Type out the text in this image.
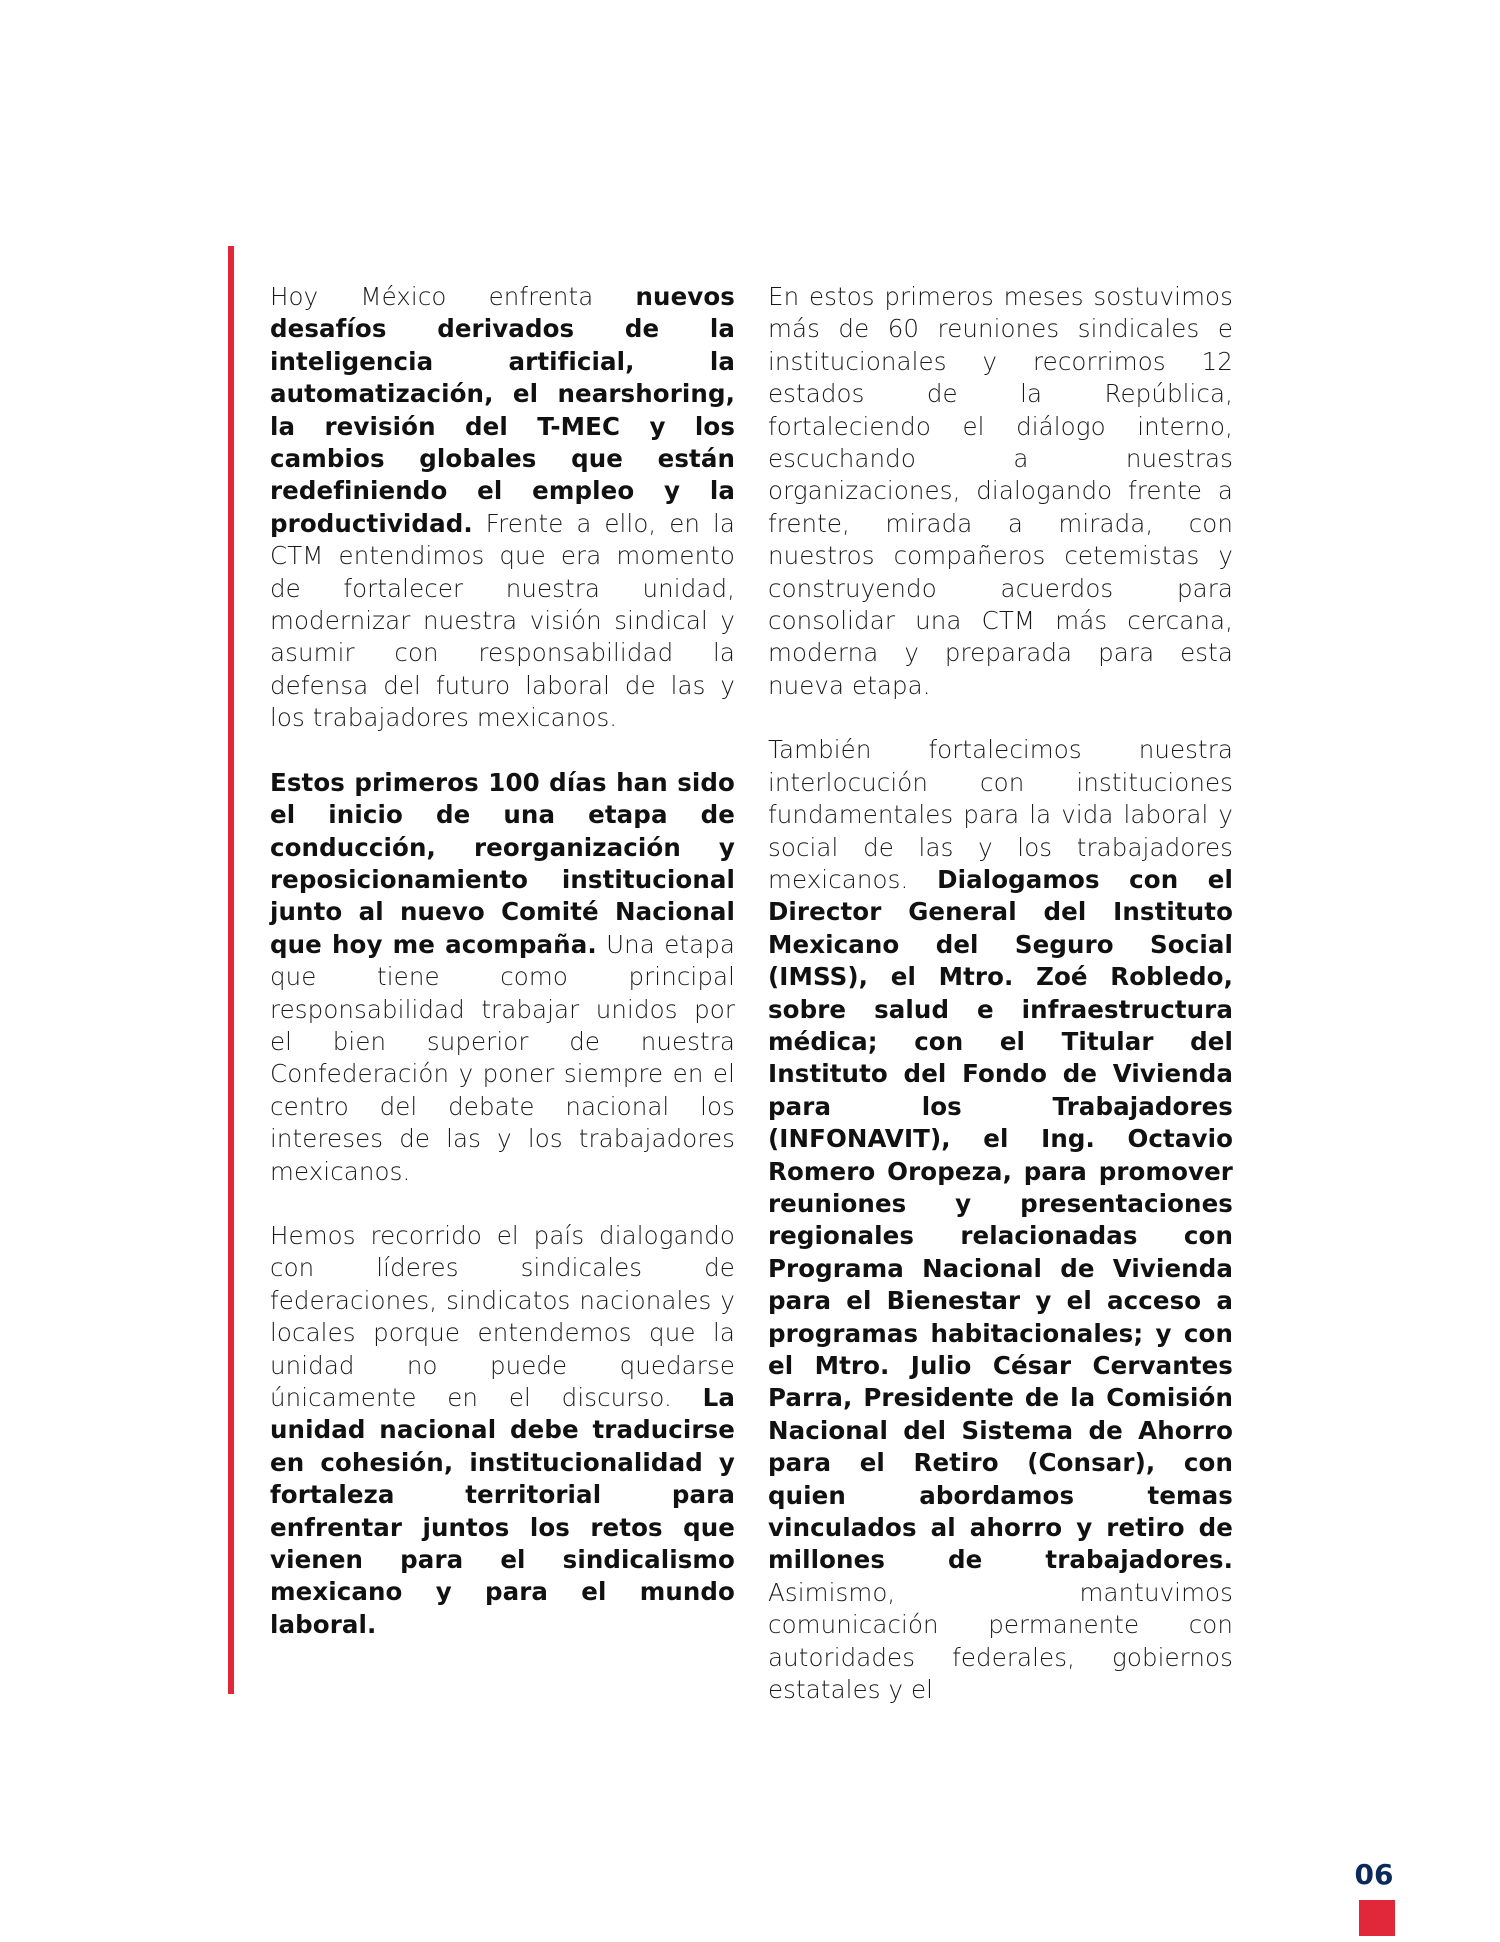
Hoy México enfrenta nuevos desafíos derivados de la inteligencia artificial, la automatización, el nearshoring, la revisión del T-MEC y los cambios globales que están redefiniendo el empleo y la productividad. Frente a ello, en la CTM entendimos que era momento de fortalecer nuestra unidad, modernizar nuestra visión sindical y asumir con responsabilidad la defensa del futuro laboral de las y los trabajadores mexicanos.

Estos primeros 100 días han sido el inicio de una etapa de conducción, reorganización y reposicionamiento institucional junto al nuevo Comité Nacional que hoy me acompaña. Una etapa que tiene como principal responsabilidad trabajar unidos por el bien superior de nuestra Confederación y poner siempre en el centro del debate nacional los intereses de las y los trabajadores mexicanos.

Hemos recorrido el país dialogando con líderes sindicales de federaciones, sindicatos nacionales y locales porque entendemos que la unidad no puede quedarse únicamente en el discurso. La unidad nacional debe traducirse en cohesión, institucionalidad y fortaleza territorial para enfrentar juntos los retos que vienen para el sindicalismo mexicano y para el mundo laboral.

En estos primeros meses sostuvimos más de 60 reuniones sindicales e institucionales y recorrimos 12 estados de la República, fortaleciendo el diálogo interno, escuchando a nuestras organizaciones, dialogando frente a frente, mirada a mirada, con nuestros compañeros cetemistas y construyendo acuerdos para consolidar una CTM más cercana, moderna y preparada para esta nueva etapa.

También fortalecimos nuestra interlocución con instituciones fundamentales para la vida laboral y social de las y los trabajadores mexicanos. Dialogamos con el Director General del Instituto Mexicano del Seguro Social (IMSS), el Mtro. Zoé Robledo, sobre salud e infraestructura médica; con el Titular del Instituto del Fondo de Vivienda para los Trabajadores (INFONAVIT), el Ing. Octavio Romero Oropeza, para promover reuniones y presentaciones regionales relacionadas con Programa Nacional de Vivienda para el Bienestar y el acceso a programas habitacionales; y con el Mtro. Julio César Cervantes Parra, Presidente de la Comisión Nacional del Sistema de Ahorro para el Retiro (Consar), con quien abordamos temas vinculados al ahorro y retiro de millones de trabajadores. Asimismo, mantuvimos comunicación permanente con autoridades federales, gobiernos estatales y el

06
